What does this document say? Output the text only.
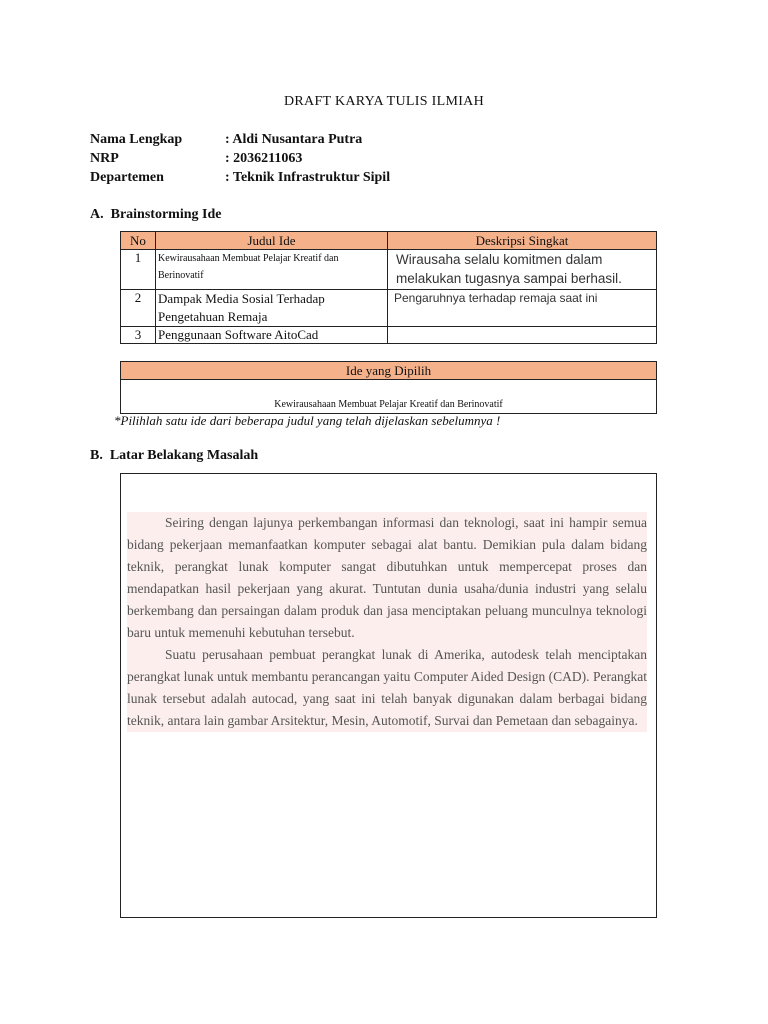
DRAFT KARYA TULIS ILMIAH
Nama Lengkap	: Aldi Nusantara Putra
NRP	: 2036211063
Departemen	: Teknik Infrastruktur Sipil
A.  Brainstorming Ide
No	Judul Ide	Deskripsi Singkat
1	Kewirausahaan Membuat Pelajar Kreatif dan Berinovatif	Wirausaha selalu komitmen dalam melakukan tugasnya sampai berhasil.
2	Dampak Media Sosial Terhadap Pengetahuan Remaja	Pengaruhnya terhadap remaja saat ini
3	Penggunaan Software AitoCad	
Ide yang Dipilih
Kewirausahaan Membuat Pelajar Kreatif dan Berinovatif
*Pilihlah satu ide dari beberapa judul yang telah dijelaskan sebelumnya !
B.  Latar Belakang Masalah

Seiring dengan lajunya perkembangan informasi dan teknologi, saat ini hampir semua bidang pekerjaan memanfaatkan komputer sebagai alat bantu. Demikian pula dalam bidang teknik, perangkat lunak komputer sangat dibutuhkan untuk mempercepat proses dan mendapatkan hasil pekerjaan yang akurat. Tuntutan dunia usaha/dunia industri yang selalu berkembang dan persaingan dalam produk dan jasa menciptakan peluang munculnya teknologi baru untuk memenuhi kebutuhan tersebut.

Suatu perusahaan pembuat perangkat lunak di Amerika, autodesk telah menciptakan perangkat lunak untuk membantu perancangan yaitu Computer Aided Design (CAD). Perangkat lunak tersebut adalah autocad, yang saat ini telah banyak digunakan dalam berbagai bidang teknik, antara lain gambar Arsitektur, Mesin, Automotif, Survai dan Pemetaan dan sebagainya.
